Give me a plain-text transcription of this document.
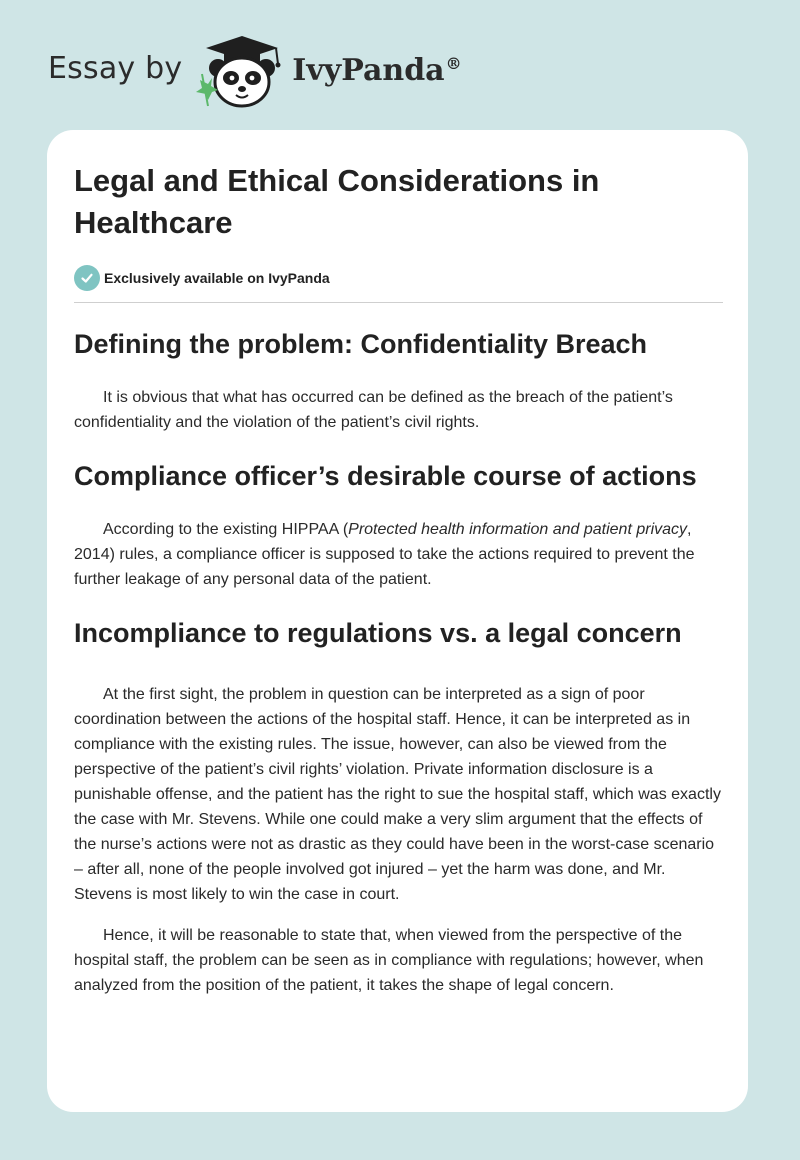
Essay by	IvyPanda®
Legal and Ethical Considerations in Healthcare
Exclusively available on IvyPanda
Defining the problem: Confidentiality Breach

It is obvious that what has occurred can be defined as the breach of the patient’s confidentiality and the violation of the patient’s civil rights.

Compliance officer’s desirable course of actions

According to the existing HIPPAA (Protected health information and patient privacy, 2014) rules, a compliance officer is supposed to take the actions required to prevent the further leakage of any personal data of the patient.

Incompliance to regulations vs. a legal concern

At the first sight, the problem in question can be interpreted as a sign of poor coordination between the actions of the hospital staff. Hence, it can be interpreted as in compliance with the existing rules. The issue, however, can also be viewed from the perspective of the patient’s civil rights’ violation. Private information disclosure is a punishable offense, and the patient has the right to sue the hospital staff, which was exactly the case with Mr. Stevens. While one could make a very slim argument that the effects of the nurse’s actions were not as drastic as they could have been in the worst-case scenario – after all, none of the people involved got injured – yet the harm was done, and Mr. Stevens is most likely to win the case in court.

Hence, it will be reasonable to state that, when viewed from the perspective of the hospital staff, the problem can be seen as in compliance with regulations; however, when analyzed from the position of the patient, it takes the shape of legal concern.
